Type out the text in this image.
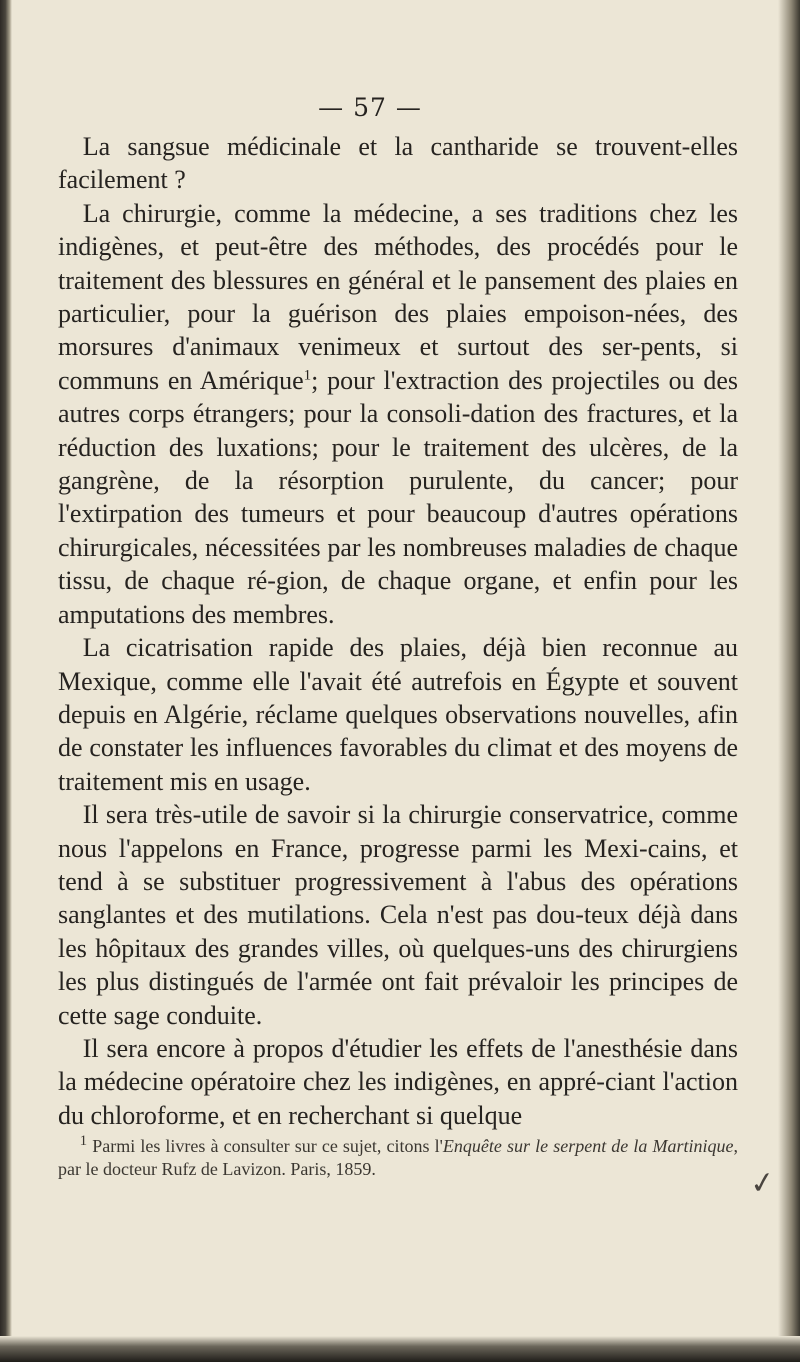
— 57 —

La sangsue médicinale et la cantharide se trouvent-elles facilement ?

La chirurgie, comme la médecine, a ses traditions chez les indigènes, et peut-être des méthodes, des procédés pour le traitement des blessures en général et le pansement des plaies en particulier, pour la guérison des plaies empoison-nées, des morsures d'animaux venimeux et surtout des ser-pents, si communs en Amérique$^1$; pour l'extraction des projectiles ou des autres corps étrangers; pour la consoli-dation des fractures, et la réduction des luxations; pour le traitement des ulcères, de la gangrène, de la résorption purulente, du cancer; pour l'extirpation des tumeurs et pour beaucoup d'autres opérations chirurgicales, nécessitées par les nombreuses maladies de chaque tissu, de chaque ré-gion, de chaque organe, et enfin pour les amputations des membres.

La cicatrisation rapide des plaies, déjà bien reconnue au Mexique, comme elle l'avait été autrefois en Égypte et souvent depuis en Algérie, réclame quelques observations nouvelles, afin de constater les influences favorables du climat et des moyens de traitement mis en usage.

Il sera très-utile de savoir si la chirurgie conservatrice, comme nous l'appelons en France, progresse parmi les Mexi-cains, et tend à se substituer progressivement à l'abus des opérations sanglantes et des mutilations. Cela n'est pas dou-teux déjà dans les hôpitaux des grandes villes, où quelques-uns des chirurgiens les plus distingués de l'armée ont fait prévaloir les principes de cette sage conduite.

Il sera encore à propos d'étudier les effets de l'anesthésie dans la médecine opératoire chez les indigènes, en appré-ciant l'action du chloroforme, et en recherchant si quelque

$^1$ Parmi les livres à consulter sur ce sujet, citons l'Enquête sur le serpent de la Martinique, par le docteur Rufz de Lavizon. Paris, 1859.	✓
